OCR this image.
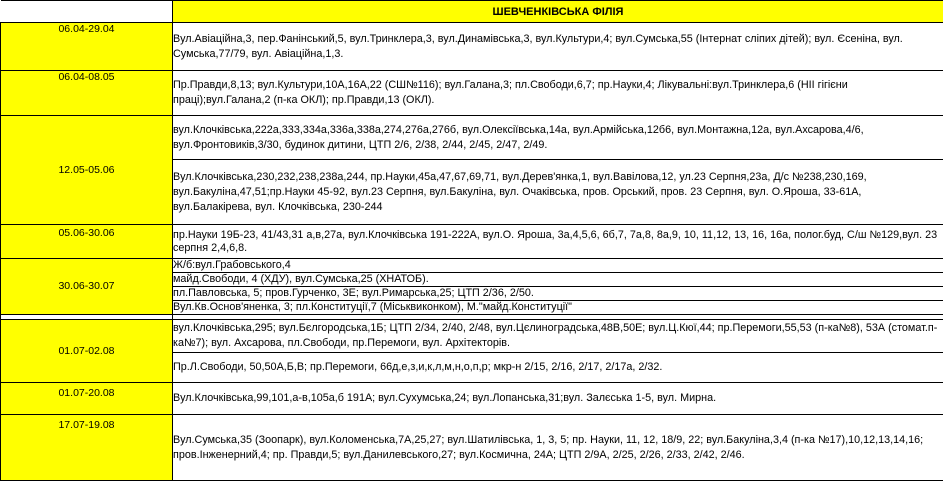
	ШЕВЧЕНКІВСЬКА ФІЛІЯ
06.04-29.04	Вул.Авіаційна,3, пер.Фанінський,5, вул.Тринклера,3, вул.Динамівська,3, вул.Культури,4; вул.Сумська,55 (Інтернат сліпих дітей); вул. Єсеніна, вул. Сумська,77/79, вул. Авіаційна,1,3.
06.04-08.05	Пр.Правди,8,13; вул.Культури,10А,16А,22 (СШ№116); вул.Галана,3; пл.Свободи,6,7; пр.Науки,4; Лікувальні:вул.Тринклера,6 (НІІ гігієни праці);вул.Галана,2 (п-ка ОКЛ); пр.Правди,13 (ОКЛ).
12.05-05.06	вул.Клочківська,222а,333,334а,336а,338а,274,276а,276б, вул.Олексіївська,14а, вул.Армійська,12б6, вул.Монтажна,12а, вул.Ахсарова,4/6, вул.Фронтовиків,3/30, будинок дитини, ЦТП 2/6, 2/38, 2/44, 2/45, 2/47, 2/49.
	Вул.Клочківська,230,232,238,238а,244, пр.Науки,45а,47,67,69,71, вул.Дерев'янка,1, вул.Вавілова,12, ул.23 Серпня,23а, Д/с №238,230,169, вул.Бакуліна,47,51;пр.Науки 45-92, вул.23 Серпня, вул.Бакуліна, вул. Очаківська, пров. Орський, пров. 23 Серпня, вул. О.Яроша, 33-61А, вул.Балакірева, вул. Клочківська, 230-244
05.06-30.06	пр.Науки 19Б-23, 41/43,31 а,в,27а, вул.Клочківська 191-222А, вул.О. Яроша, 3а,4,5,6, 6б,7, 7а,8, 8а,9, 10, 11,12, 13, 16, 16а, полог.буд, С/ш №129,вул. 23 серпня 2,4,6,8.
30.06-30.07	Ж/б:вул.Грабовського,4
	майд.Свободи, 4 (ХДУ), вул.Сумська,25 (ХНАТОБ).
	пл.Павловська, 5; пров.Гурченко, 3Е; вул.Римарська,25; ЦТП 2/36, 2/50.
	Вул.Кв.Основ'яненка, 3; пл.Конституції,7 (Міськвиконком), М."майд.Конституції"

01.07-02.08	вул.Клочківська,295; вул.Бєлгородська,1Б; ЦТП 2/34, 2/40, 2/48, вул.Цєлиноградська,48В,50Е; вул.Ц.Кюї,44; пр.Перемоги,55,53 (п-ка№8), 53А (стомат.п-ка№7); вул. Ахсарова, пл.Свободи, пр.Перемоги, вул. Архітекторів.
	Пр.Л.Свободи, 50,50А,Б,В; пр.Перемоги, 66д,е,з,и,к,л,м,н,о,п,р; мкр-н 2/15, 2/16, 2/17, 2/17а, 2/32.
01.07-20.08	Вул.Клочківська,99,101,а-в,105а,б 191А; вул.Сухумська,24; вул.Лопанська,31;вул. Залєська 1-5, вул. Мирна.
17.07-19.08	Вул.Сумська,35 (Зоопарк), вул.Коломенська,7А,25,27; вул.Шатилівська, 1, 3, 5; пр. Науки, 11, 12, 18/9, 22; вул.Бакуліна,3,4 (п-ка №17),10,12,13,14,16; пров.Інженерний,4; пр. Правди,5; вул.Данилевського,27; вул.Космична, 24А; ЦТП 2/9А, 2/25, 2/26, 2/33, 2/42, 2/46.
